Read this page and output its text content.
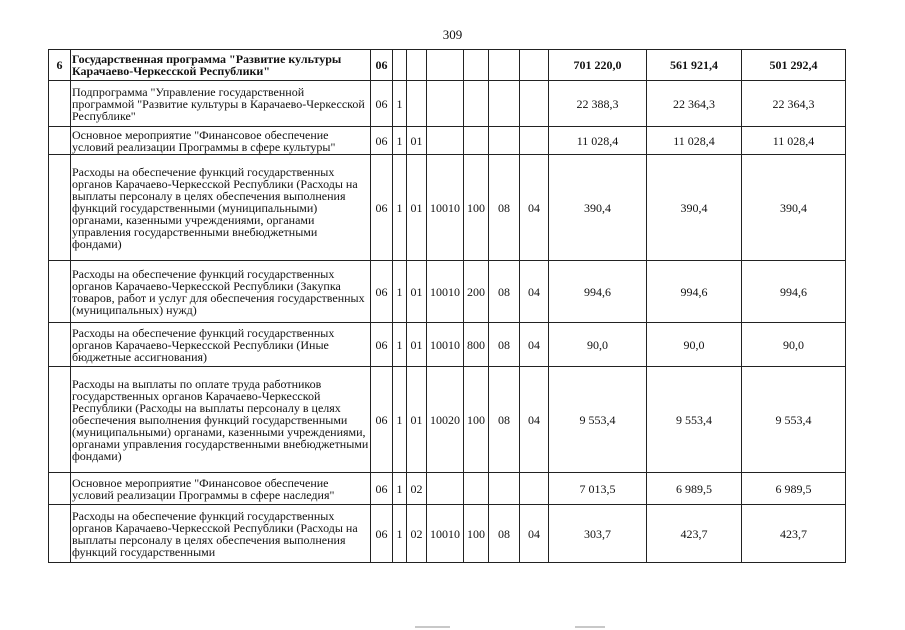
309
6	Государственная программа "Развитие культуры Карачаево-Черкесской Республики"	06							701 220,0	561 921,4	501 292,4
	Подпрограмма "Управление государственной программой "Развитие культуры в Карачаево-Черкесской Республике"	06	1						22 388,3	22 364,3	22 364,3
	Основное мероприятие "Финансовое обеспечение условий реализации Программы в сфере культуры"	06	1	01					11 028,4	11 028,4	11 028,4
	Расходы на обеспечение функций государственных органов Карачаево-Черкесской Республики (Расходы на выплаты персоналу в целях обеспечения выполнения функций государственными (муниципальными) органами, казенными учреждениями, органами управления государственными внебюджетными фондами)	06	1	01	10010	100	08	04	390,4	390,4	390,4
	Расходы на обеспечение функций государственных органов Карачаево-Черкесской Республики (Закупка товаров, работ и услуг для обеспечения государственных (муниципальных) нужд)	06	1	01	10010	200	08	04	994,6	994,6	994,6
	Расходы на обеспечение функций государственных органов Карачаево-Черкесской Республики (Иные бюджетные ассигнования)	06	1	01	10010	800	08	04	90,0	90,0	90,0
	Расходы на выплаты по оплате труда работников государственных органов Карачаево-Черкесской Республики (Расходы на выплаты персоналу в целях обеспечения выполнения функций государственными (муниципальными) органами, казенными учреждениями, органами управления государственными внебюджетными фондами)	06	1	01	10020	100	08	04	9 553,4	9 553,4	9 553,4
	Основное мероприятие "Финансовое обеспечение условий реализации Программы в сфере наследия"	06	1	02					7 013,5	6 989,5	6 989,5
	Расходы на обеспечение функций государственных органов Карачаево-Черкесской Республики (Расходы на выплаты персоналу в целях обеспечения выполнения функций государственными	06	1	02	10010	100	08	04	303,7	423,7	423,7
